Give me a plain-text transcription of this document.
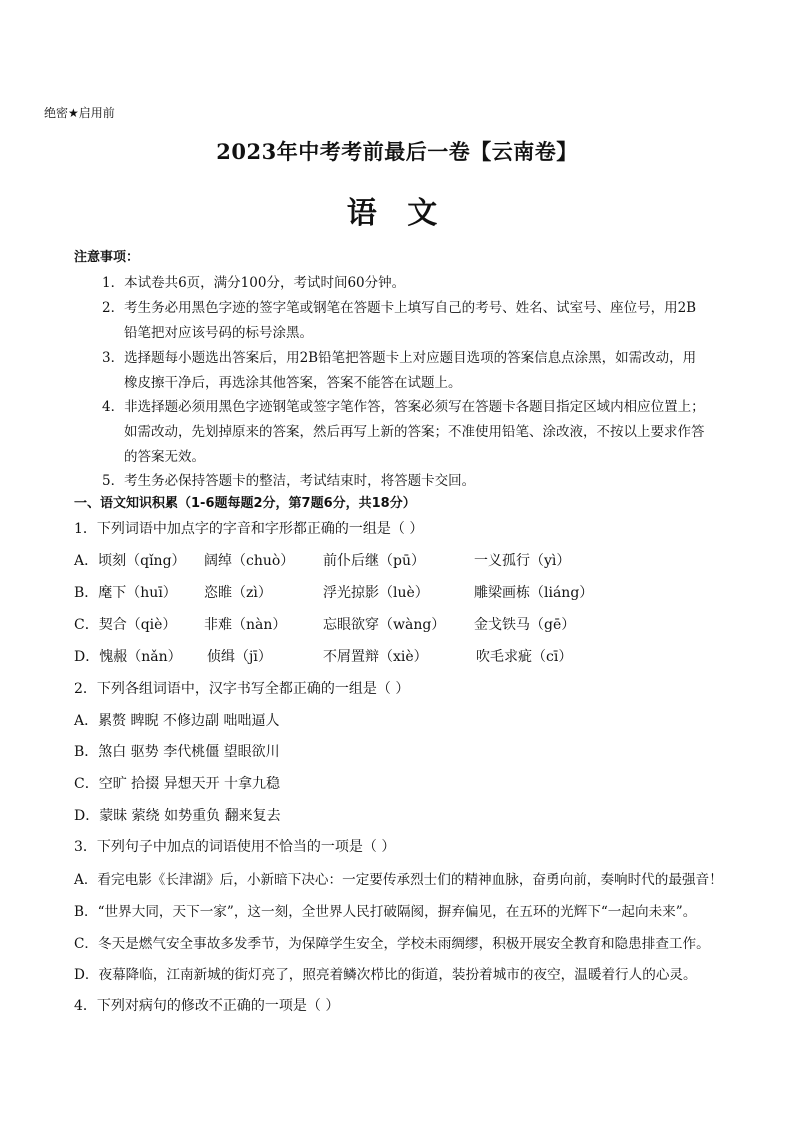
绝密★启用前
2023年中考考前最后一卷【云南卷】
语 文
注意事项：
1．本试卷共6页，满分100分，考试时间60分钟。
2．考生务必用黑色字迹的签字笔或钢笔在答题卡上填写自己的考号、姓名、试室号、座位号，用2B
铅笔把对应该号码的标号涂黑。
3．选择题每小题选出答案后，用2B铅笔把答题卡上对应题目选项的答案信息点涂黑，如需改动，用
橡皮擦干净后，再选涂其他答案，答案不能答在试题上。
4．非选择题必须用黑色字迹钢笔或签字笔作答，答案必须写在答题卡各题目指定区域内相应位置上；
如需改动，先划掉原来的答案，然后再写上新的答案；不准使用铅笔、涂改液，不按以上要求作答
的答案无效。
5．考生务必保持答题卡的整洁，考试结束时，将答题卡交回。
一、语文知识积累（1-6题每题2分，第7题6分，共18分）
1．下列词语中加点字的字音和字形都正确的一组是（ ）
A．顷刻（qǐng） 阔绰（chuò） 前仆后继（pū）	一义孤行（yì）
B．麾下（huī） 恣睢（zì）	浮光掠影（luè）	雕梁画栋（liáng）
C．契合（qiè） 非难（nàn）	忘眼欲穿（wàng） 金戈铁马（gē）
D．愧赧（nǎn） 侦缉（jī）	不屑置辩（xiè）	吹毛求疵（cī）
2．下列各组词语中，汉字书写全都正确的一组是（ ）
A．累赘 睥睨 不修边副 咄咄逼人
B．煞白 驱势 李代桃僵 望眼欲川
C．空旷 拾掇 异想天开 十拿九稳
D．蒙昧 萦绕 如势重负 翻来复去
3．下列句子中加点的词语使用不恰当的一项是（ ）
A．看完电影《长津湖》后，小新暗下决心：一定要传承烈士们的精神血脉，奋勇向前，奏响时代的最强音！
B．“世界大同，天下一家”，这一刻，全世界人民打破隔阂，摒弃偏见，在五环的光辉下“一起向未来”。
C．冬天是燃气安全事故多发季节，为保障学生安全，学校未雨绸缪，积极开展安全教育和隐患排查工作。
D．夜幕降临，江南新城的街灯亮了，照亮着鳞次栉比的街道，装扮着城市的夜空，温暖着行人的心灵。
4．下列对病句的修改不正确的一项是（ ）
